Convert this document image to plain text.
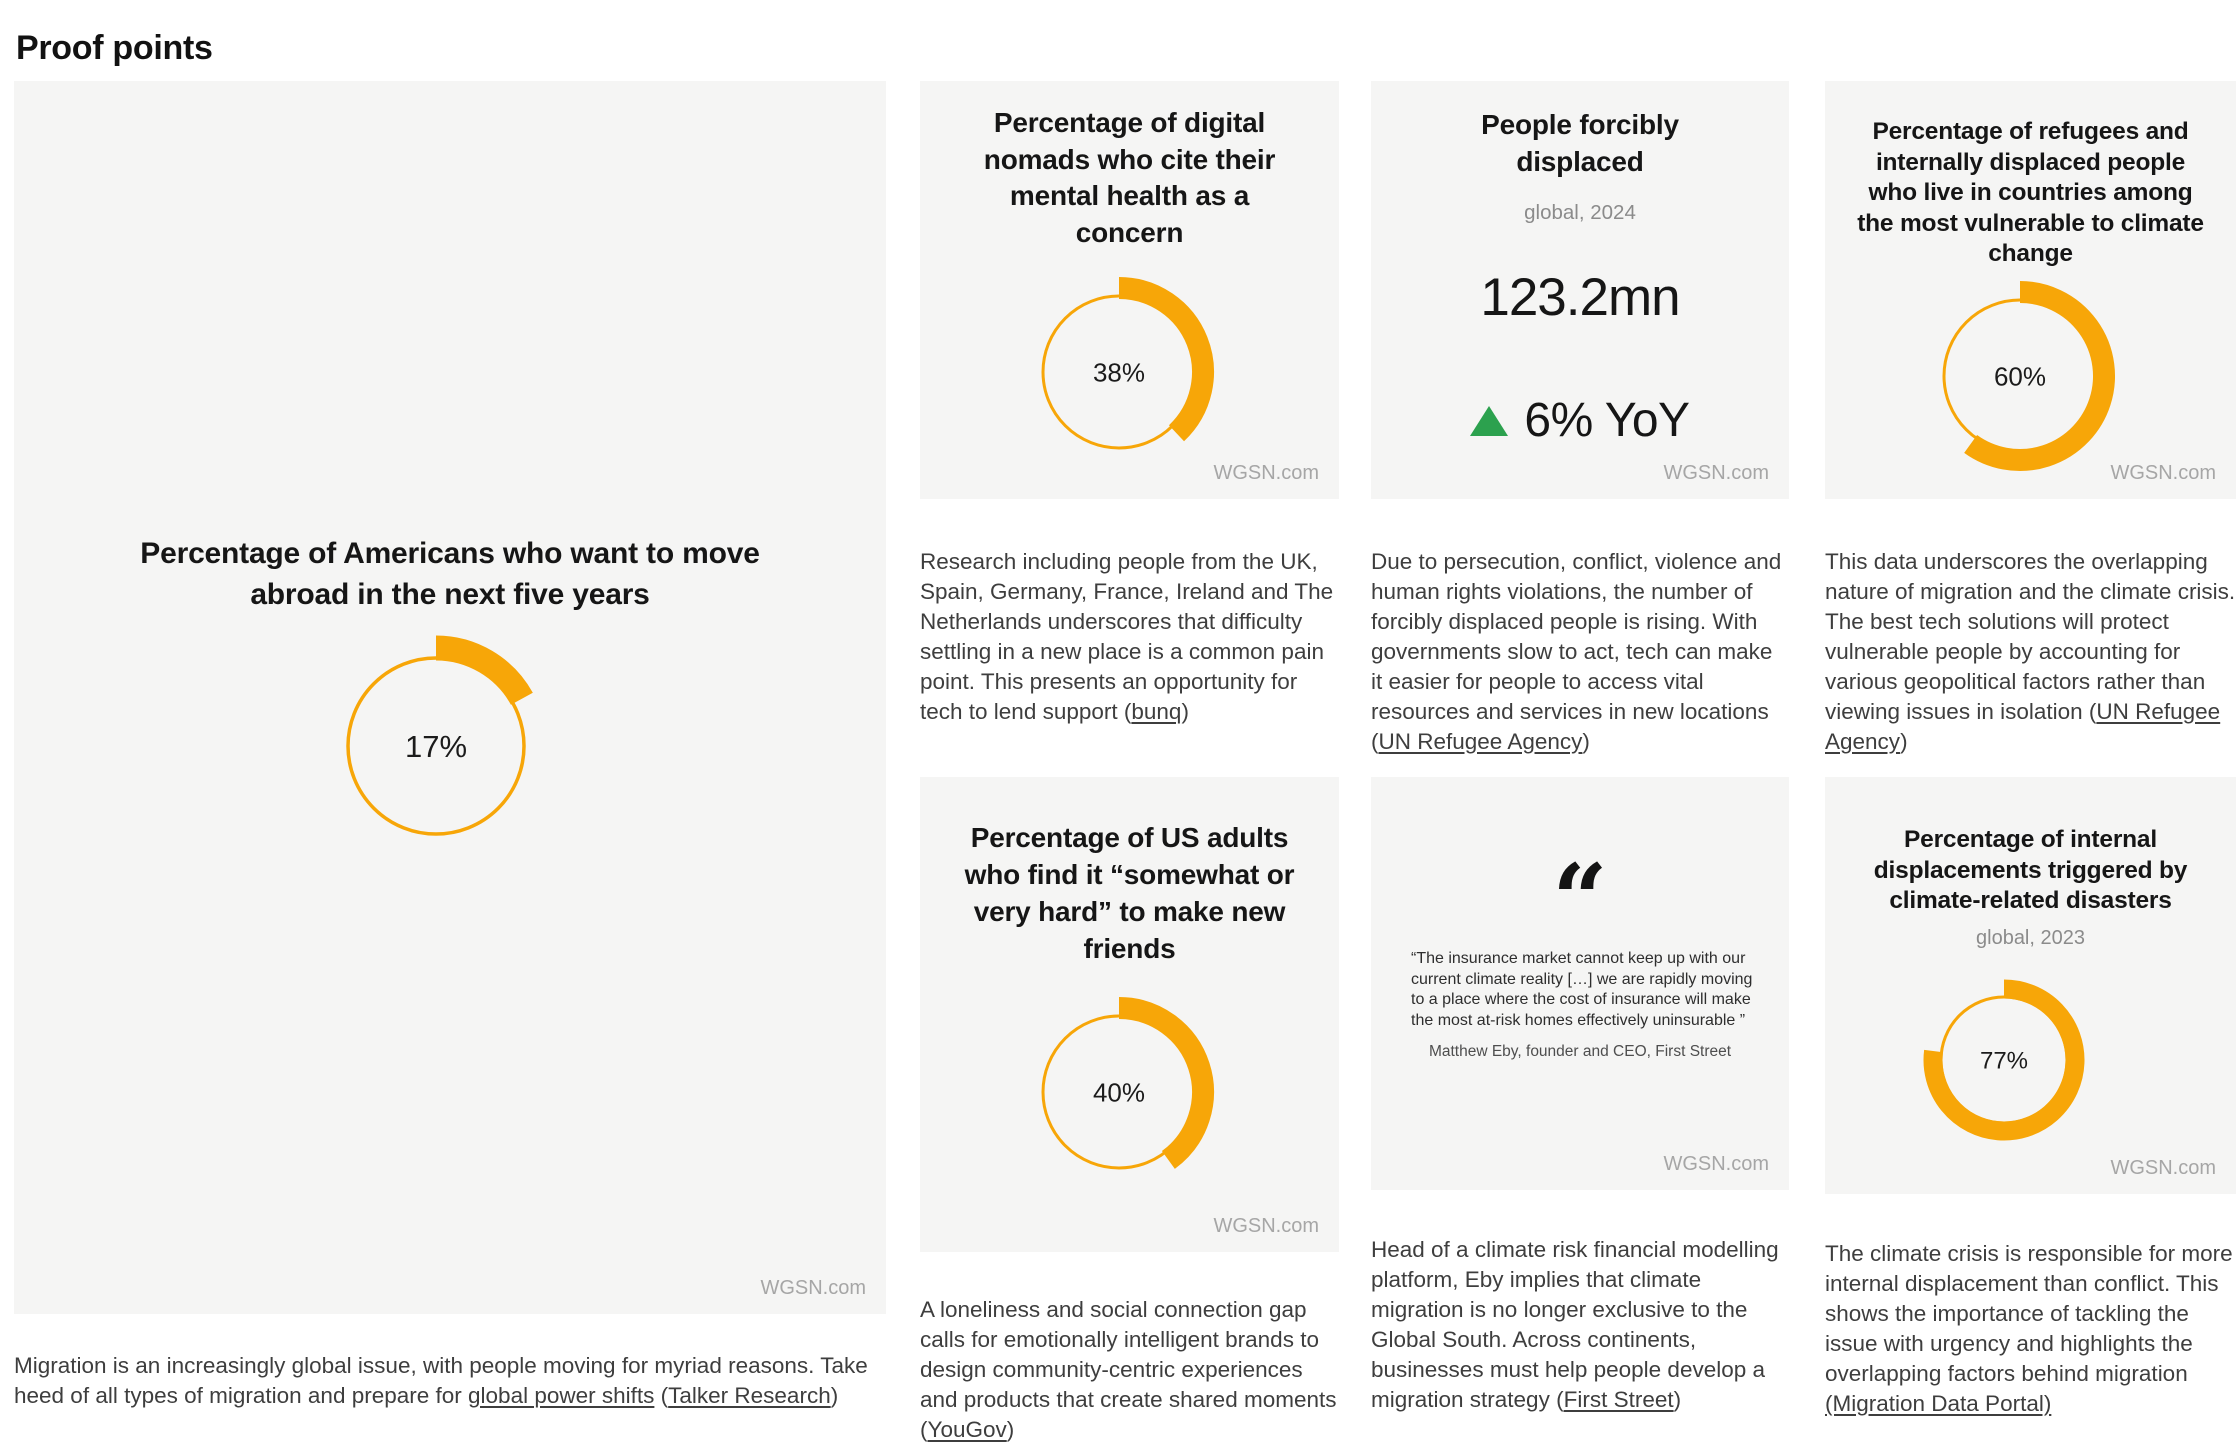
Proof points
Percentage of Americans who want to move abroad in the next five years
17%
WGSN.com

Migration is an increasingly global issue, with people moving for myriad reasons. Take heed of all types of migration and prepare for global power shifts (Talker Research)

Percentage of digital nomads who cite their mental health as a concern
38%
WGSN.com

Research including people from the UK, Spain, Germany, France, Ireland and The Netherlands underscores that difficulty settling in a new place is a common pain point. This presents an opportunity for tech to lend support (bunq)

Percentage of US adults who find it “somewhat or very hard” to make new friends
40%
WGSN.com

A loneliness and social connection gap calls for emotionally intelligent brands to design community-centric experiences and products that create shared moments (YouGov)

People forcibly displaced
global, 2024
123.2mn
6% YoY
WGSN.com

Due to persecution, conflict, violence and human rights violations, the number of forcibly displaced people is rising. With governments slow to act, tech can make it easier for people to access vital resources and services in new locations (UN Refugee Agency)

“
“The insurance market cannot keep up with our current climate reality […] we are rapidly moving to a place where the cost of insurance will make the most at-risk homes effectively uninsurable ”
Matthew Eby, founder and CEO, First Street
WGSN.com

Head of a climate risk financial modelling platform, Eby implies that climate migration is no longer exclusive to the Global South. Across continents, businesses must help people develop a migration strategy (First Street)

Percentage of refugees and internally displaced people who live in countries among the most vulnerable to climate change
60%
WGSN.com

This data underscores the overlapping nature of migration and the climate crisis. The best tech solutions will protect vulnerable people by accounting for various geopolitical factors rather than viewing issues in isolation (UN Refugee Agency)

Percentage of internal displacements triggered by climate-related disasters
global, 2023
77%
WGSN.com

The climate crisis is responsible for more internal displacement than conflict. This shows the importance of tackling the issue with urgency and highlights the overlapping factors behind migration (Migration Data Portal)
